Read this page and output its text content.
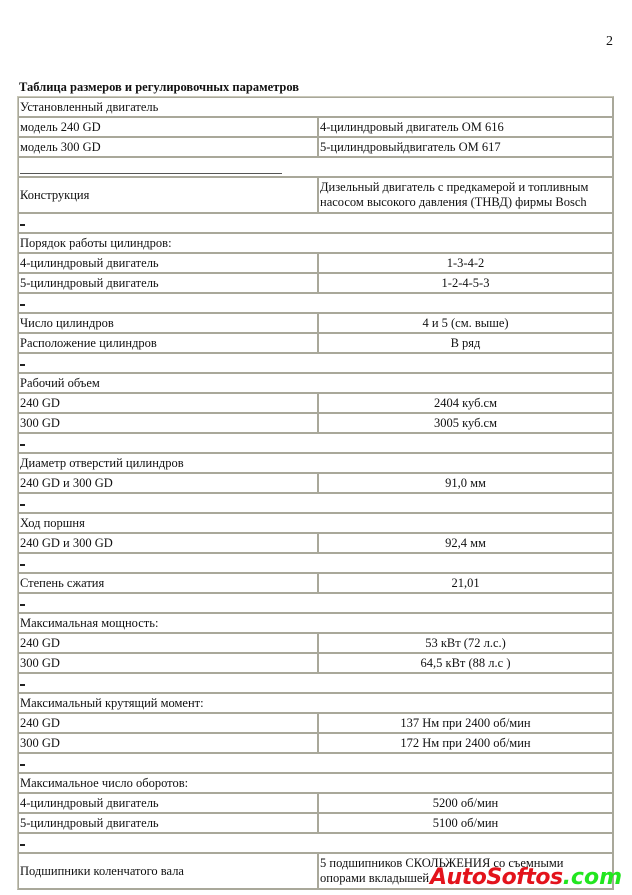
2
Таблица размеров и регулировочных параметров
Установленный двигатель	
модель 240 GD	4-цилиндровый двигатель ОМ 616
модель 300 GD	5-цилиндровыйдвигатель ОМ 617

Конструкция	Дизельный двигатель с предкамерой и топливным насосом высокого давления (ТНВД) фирмы Bosch

Порядок работы цилиндров:	
4-цилиндровый двигатель	1-3-4-2
5-цилиндровый двигатель	1-2-4-5-3

Число цилиндров	4 и 5 (см. выше)
Расположение цилиндров	В ряд

Рабочий объем	
240 GD	2404 куб.см
300 GD	3005 куб.см

Диаметр отверстий цилиндров	
240 GD и 300 GD	91,0 мм

Ход поршня	
240 GD и 300 GD	92,4 мм

Степень сжатия	21,01

Максимальная мощность:	
240 GD	53 кВт (72 л.с.)
300 GD	64,5 кВт (88 л.с )

Максимальный крутящий момент:	
240 GD	137 Нм при 2400 об/мин
300 GD	172 Нм при 2400 об/мин

Максимальное число оборотов:	
4-цилиндровый двигатель	5200 об/мин
5-цилиндровый двигатель	5100 об/мин

Подшипники коленчатого вала	5 подшипников СКОЛЬЖЕНИЯ со съемными опорами вкладышей AutoSoftos.com
